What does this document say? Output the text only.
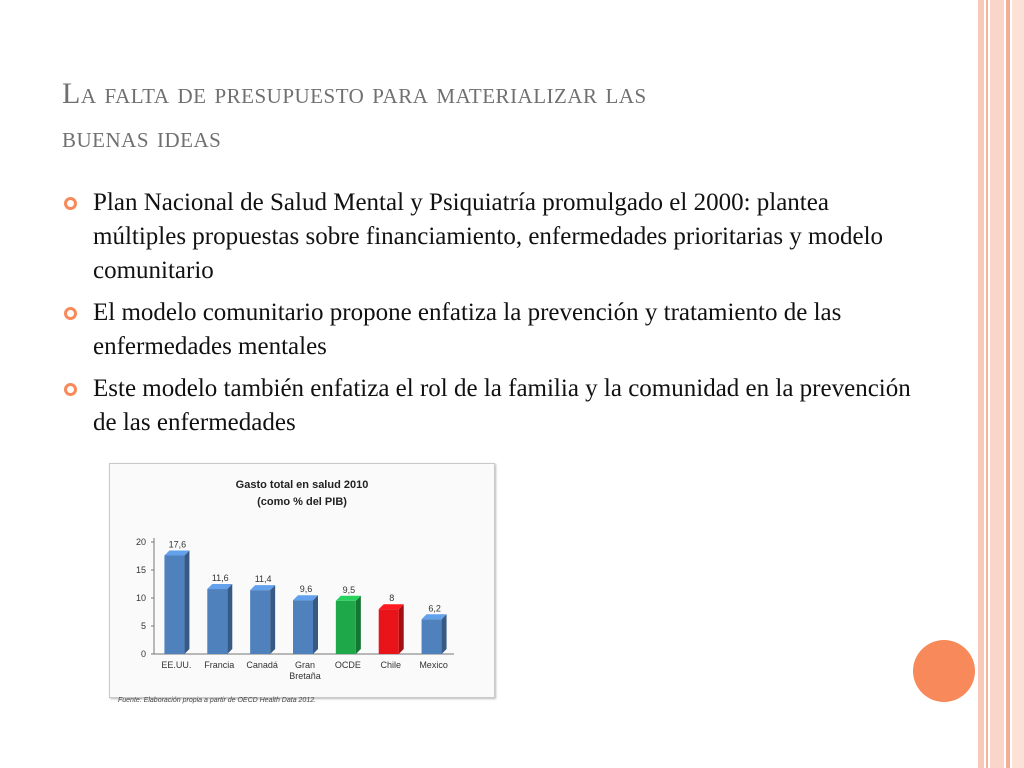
La falta de presupuesto para materializar las
buenas ideas
Plan Nacional de Salud Mental y Psiquiatría promulgado el 2000: plantea múltiples propuestas sobre financiamiento, enfermedades prioritarias y modelo comunitario
El modelo comunitario propone enfatiza la prevención y tratamiento de las enfermedades mentales
Este modelo también enfatiza el rol de la familia y la comunidad en la prevención de las enfermedades
Gasto total en salud 2010
(como % del PIB)
0
5
10
15
20	17,6
EE.UU.
11,6
Francia
11,4
Canadá
9,6
Gran
Bretaña
9,5
OCDE
8
Chile
6,2
Mexico
Fuente: Elaboración propia a partir de OECD Health Data 2012.
